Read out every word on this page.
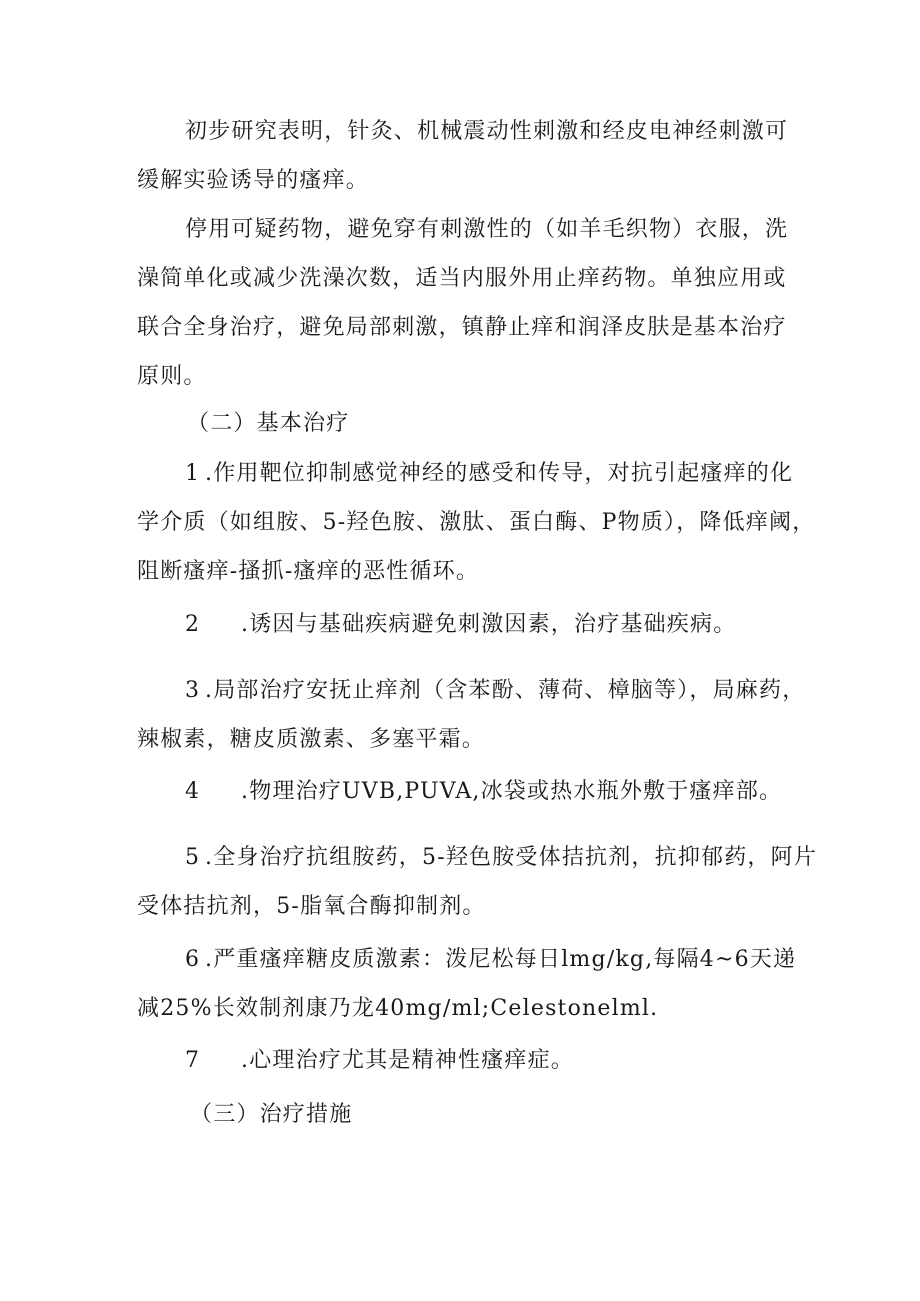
初步研究表明，针灸、机械震动性刺激和经皮电神经刺激可
缓解实验诱导的瘙痒。
停用可疑药物，避免穿有刺激性的（如羊毛织物）衣服，洗
澡简单化或减少洗澡次数，适当内服外用止痒药物。单独应用或
联合全身治疗，避免局部刺激，镇静止痒和润泽皮肤是基本治疗
原则。
（二）基本治疗
1 .作用靶位抑制感觉神经的感受和传导，对抗引起瘙痒的化
学介质（如组胺、5-羟色胺、激肽、蛋白酶、P物质），降低痒阈，
阻断瘙痒-搔抓-瘙痒的恶性循环。
2 .诱因与基础疾病避免刺激因素，治疗基础疾病。
3 .局部治疗安抚止痒剂（含苯酚、薄荷、樟脑等），局麻药，
辣椒素，糖皮质激素、多塞平霜。
4 .物理治疗UVB,PUVA,冰袋或热水瓶外敷于瘙痒部。
5 .全身治疗抗组胺药，5-羟色胺受体拮抗剂，抗抑郁药，阿片
受体拮抗剂，5-脂氧合酶抑制剂。
6 .严重瘙痒糖皮质激素：泼尼松每日lmg∕kg,每隔4~6天递
减25%长效制剂康乃龙40mg∕ml;Celestonelml.
7 .心理治疗尤其是精神性瘙痒症。
（三）治疗措施
